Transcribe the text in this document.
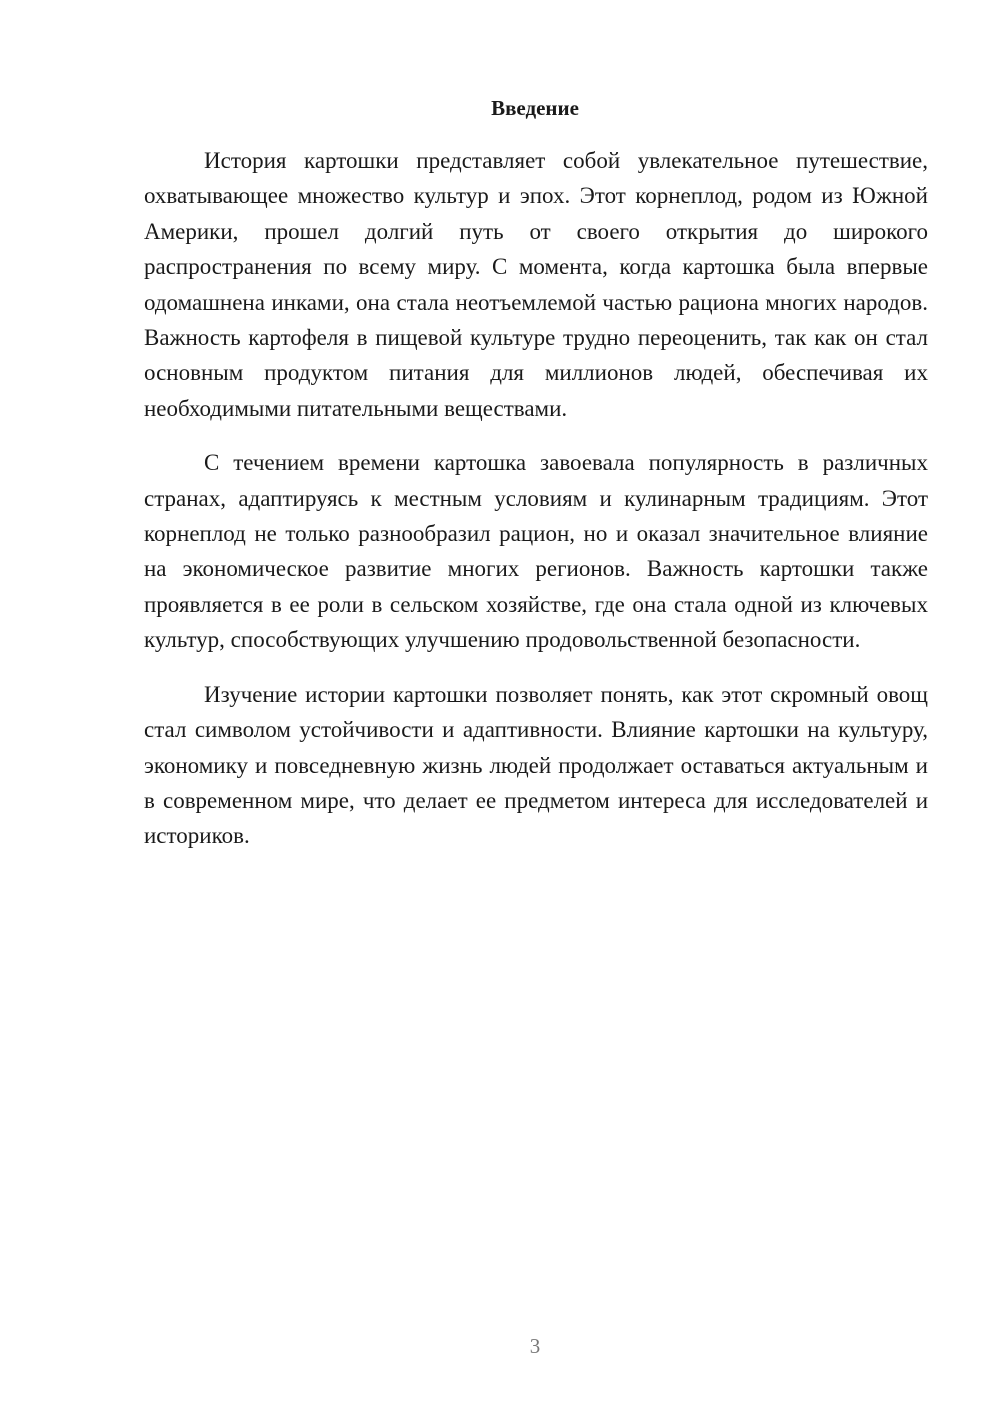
Введение

История картошки представляет собой увлекательное путешествие, охватывающее множество культур и эпох. Этот корнеплод, родом из Южной Америки, прошел долгий путь от своего открытия до широкого распространения по всему миру. С момента, когда картошка была впервые одомашнена инками, она стала неотъемлемой частью рациона многих народов. Важность картофеля в пищевой культуре трудно переоценить, так как он стал основным продуктом питания для миллионов людей, обеспечивая их необходимыми питательными веществами.

С течением времени картошка завоевала популярность в различных странах, адаптируясь к местным условиям и кулинарным традициям. Этот корнеплод не только разнообразил рацион, но и оказал значительное влияние на экономическое развитие многих регионов. Важность картошки также проявляется в ее роли в сельском хозяйстве, где она стала одной из ключевых культур, способствующих улучшению продовольственной безопасности.

Изучение истории картошки позволяет понять, как этот скромный овощ стал символом устойчивости и адаптивности. Влияние картошки на культуру, экономику и повседневную жизнь людей продолжает оставаться актуальным и в современном мире, что делает ее предметом интереса для исследователей и историков.

3
